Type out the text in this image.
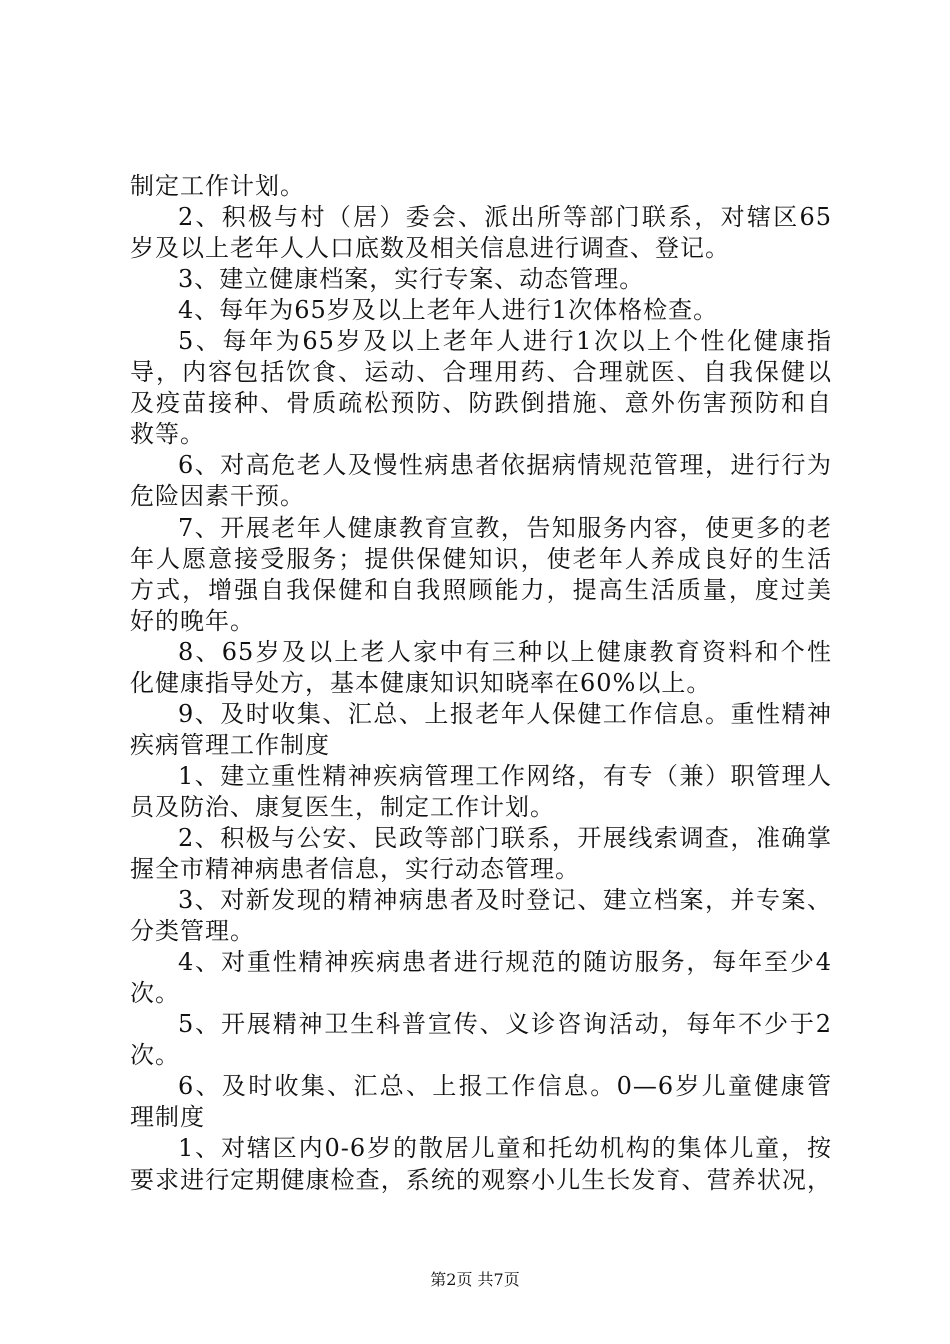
制定工作计划。
2、积极与村（居）委会、派出所等部门联系，对辖区65
岁及以上老年人人口底数及相关信息进行调查、登记。
3、建立健康档案，实行专案、动态管理。
4、每年为65岁及以上老年人进行1次体格检查。
5、每年为65岁及以上老年人进行1次以上个性化健康指
导，内容包括饮食、运动、合理用药、合理就医、自我保健以
及疫苗接种、骨质疏松预防、防跌倒措施、意外伤害预防和自
救等。
6、对高危老人及慢性病患者依据病情规范管理，进行行为
危险因素干预。
7、开展老年人健康教育宣教，告知服务内容，使更多的老
年人愿意接受服务；提供保健知识，使老年人养成良好的生活
方式，增强自我保健和自我照顾能力，提高生活质量，度过美
好的晚年。
8、65岁及以上老人家中有三种以上健康教育资料和个性
化健康指导处方，基本健康知识知晓率在60%以上。
9、及时收集、汇总、上报老年人保健工作信息。重性精神
疾病管理工作制度
1、建立重性精神疾病管理工作网络，有专（兼）职管理人
员及防治、康复医生，制定工作计划。
2、积极与公安、民政等部门联系，开展线索调查，准确掌
握全市精神病患者信息，实行动态管理。
3、对新发现的精神病患者及时登记、建立档案，并专案、
分类管理。
4、对重性精神疾病患者进行规范的随访服务，每年至少4
次。
5、开展精神卫生科普宣传、义诊咨询活动，每年不少于2
次。
6、及时收集、汇总、上报工作信息。0—6岁儿童健康管
理制度
1、对辖区内0-6岁的散居儿童和托幼机构的集体儿童，按
要求进行定期健康检查，系统的观察小儿生长发育、营养状况，
第2页 共7页
